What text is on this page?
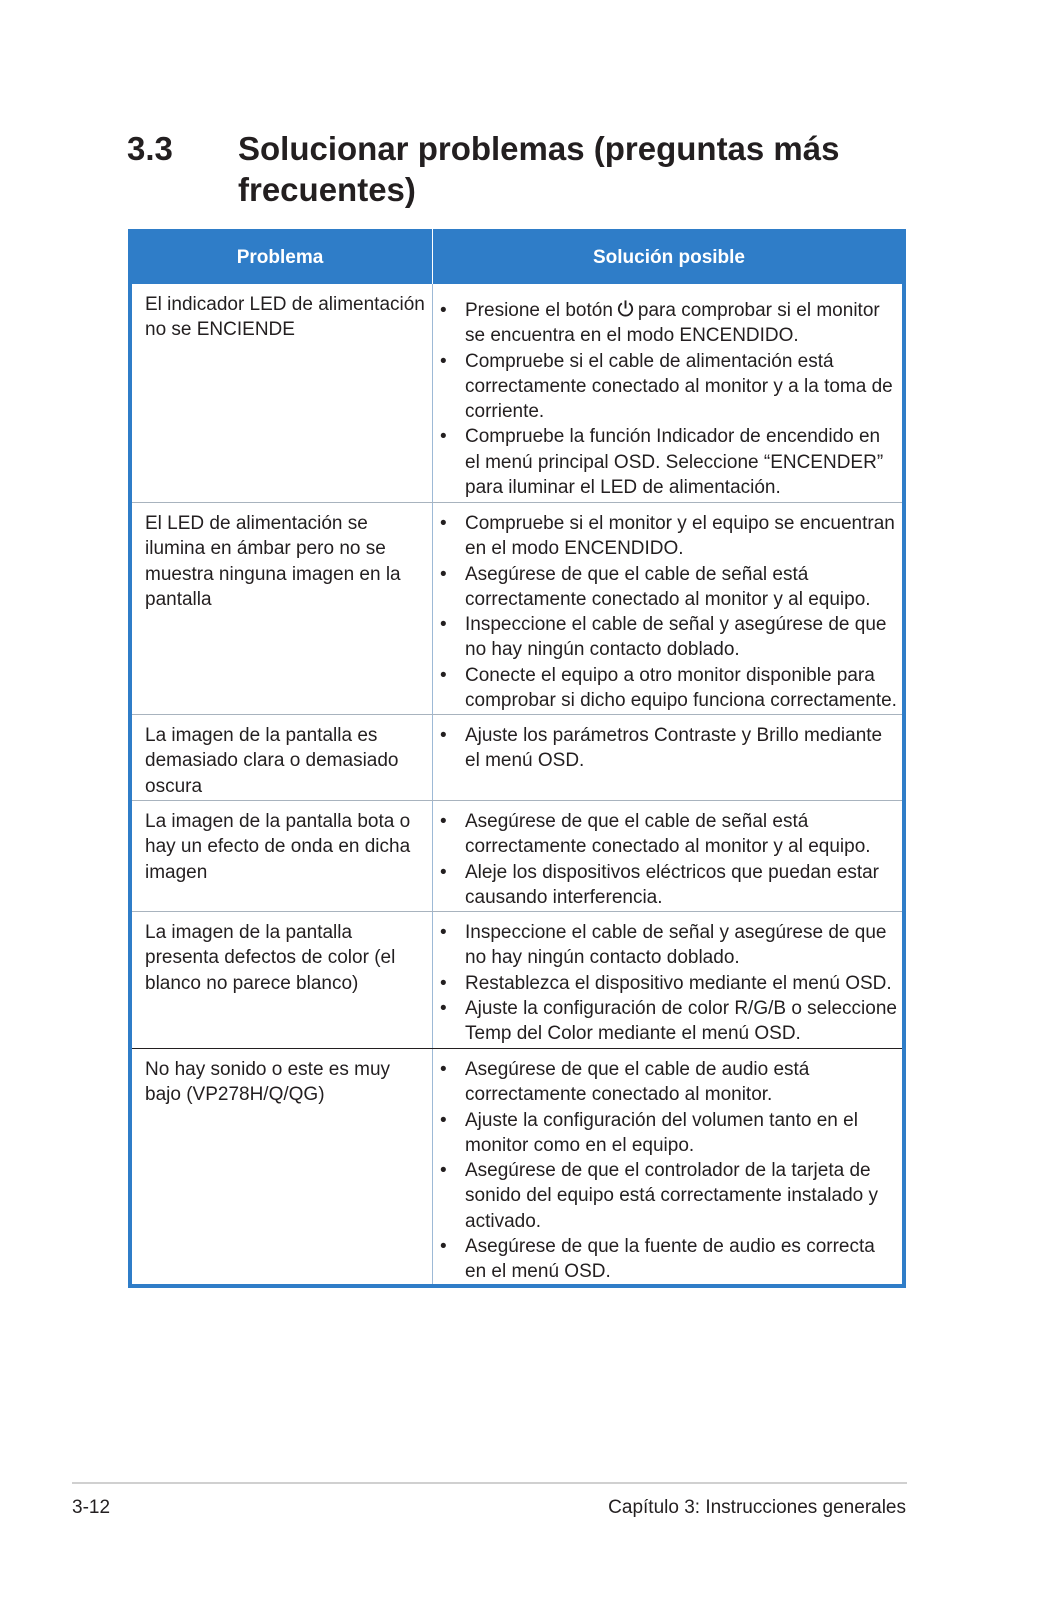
3.3 Solucionar problemas (preguntas más frecuentes)
Problema	Solución posible
El indicador LED de alimentación no se ENCIENDE
• Presione el botón para comprobar si el monitor se encuentra en el modo ENCENDIDO.
• Compruebe si el cable de alimentación está correctamente conectado al monitor y a la toma de corriente.
• Compruebe la función Indicador de encendido en el menú principal OSD. Seleccione “ENCENDER” para iluminar el LED de alimentación.
El LED de alimentación se ilumina en ámbar pero no se muestra ninguna imagen en la pantalla
• Compruebe si el monitor y el equipo se encuentran en el modo ENCENDIDO.
• Asegúrese de que el cable de señal está correctamente conectado al monitor y al equipo.
• Inspeccione el cable de señal y asegúrese de que no hay ningún contacto doblado.
• Conecte el equipo a otro monitor disponible para comprobar si dicho equipo funciona correctamente.
La imagen de la pantalla es demasiado clara o demasiado oscura
• Ajuste los parámetros Contraste y Brillo mediante el menú OSD.
La imagen de la pantalla bota o hay un efecto de onda en dicha imagen
• Asegúrese de que el cable de señal está correctamente conectado al monitor y al equipo.
• Aleje los dispositivos eléctricos que puedan estar causando interferencia.
La imagen de la pantalla presenta defectos de color (el blanco no parece blanco)
• Inspeccione el cable de señal y asegúrese de que no hay ningún contacto doblado.
• Restablezca el dispositivo mediante el menú OSD.
• Ajuste la configuración de color R/G/B o seleccione Temp del Color mediante el menú OSD.
No hay sonido o este es muy bajo (VP278H/Q/QG)
• Asegúrese de que el cable de audio está correctamente conectado al monitor.
• Ajuste la configuración del volumen tanto en el monitor como en el equipo.
• Asegúrese de que el controlador de la tarjeta de sonido del equipo está correctamente instalado y activado.
• Asegúrese de que la fuente de audio es correcta en el menú OSD.
3-12	Capítulo 3: Instrucciones generales
